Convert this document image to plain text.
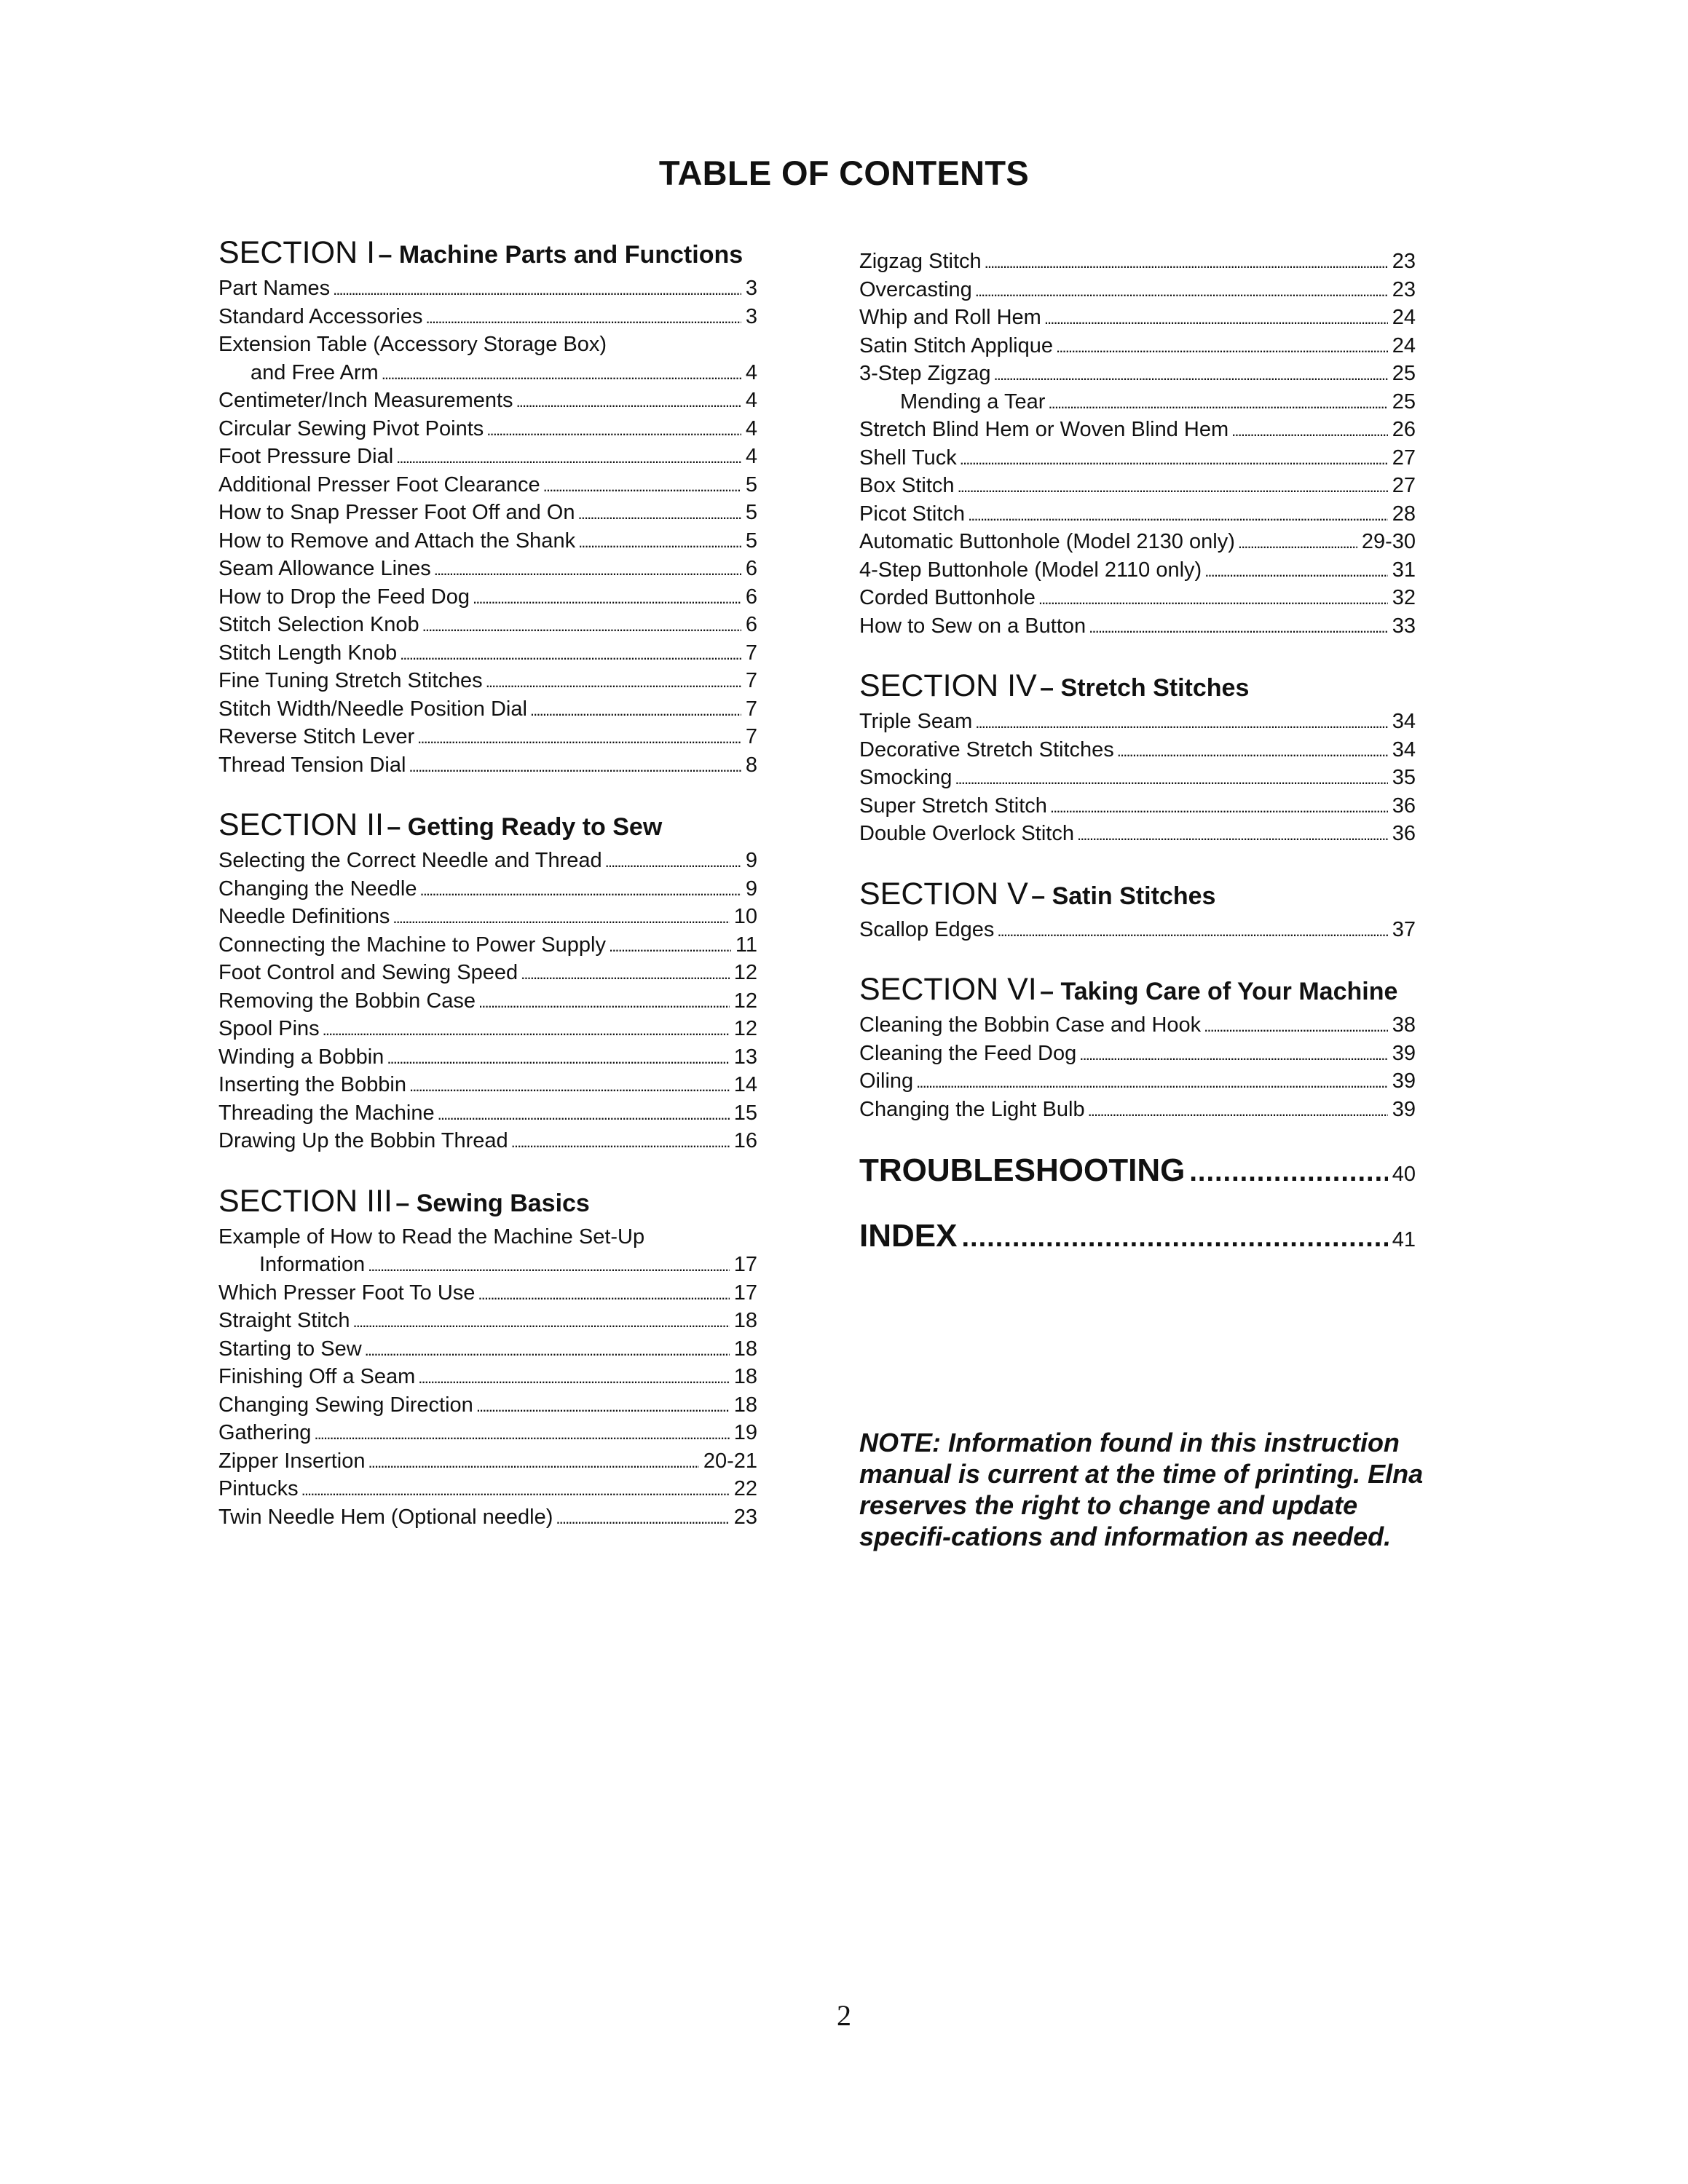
TABLE OF CONTENTS
SECTION I – Machine Parts and Functions
Part Names . . .	3
Standard Accessories . . .	3
Extension Table (Accessory Storage Box)
and Free Arm . . .	4
Centimeter/Inch Measurements . . .	4
Circular Sewing Pivot Points . . .	4
Foot Pressure Dial . . .	4
Additional Presser Foot Clearance . . .	5
How to Snap Presser Foot Off and On . . .	5
How to Remove and Attach the Shank . . .	5
Seam Allowance Lines . . .	6
How to Drop the Feed Dog . . .	6
Stitch Selection Knob . . .	6
Stitch Length Knob . . .	7
Fine Tuning Stretch Stitches . . .	7
Stitch Width/Needle Position Dial . . .	7
Reverse Stitch Lever . . .	7
Thread Tension Dial . . .	8
SECTION II – Getting Ready to Sew
Selecting the Correct Needle and Thread . . .	9
Changing the Needle . . .	9
Needle Definitions . . .	10
Connecting the Machine to Power Supply . . .	11
Foot Control and Sewing Speed . . .	12
Removing the Bobbin Case . . .	12
Spool Pins . . .	12
Winding a Bobbin . . .	13
Inserting the Bobbin . . .	14
Threading the Machine . . .	15
Drawing Up the Bobbin Thread . . .	16
SECTION III – Sewing Basics
Example of How to Read the Machine Set-Up
Information . . .	17
Which Presser Foot To Use . . .	17
Straight Stitch . . .	18
Starting to Sew . . .	18
Finishing Off a Seam . . .	18
Changing Sewing Direction . . .	18
Gathering . . .	19
Zipper Insertion . . .	20-21
Pintucks . . .	22
Twin Needle Hem (Optional needle) . . .	23
Zigzag Stitch . . .	23
Overcasting . . .	23
Whip and Roll Hem . . .	24
Satin Stitch Applique . . .	24
3-Step Zigzag . . .	25
Mending a Tear . . .	25
Stretch Blind Hem or Woven Blind Hem . . .	26
Shell Tuck . . .	27
Box Stitch . . .	27
Picot Stitch . . .	28
Automatic Buttonhole (Model 2130 only) . . .	29-30
4-Step Buttonhole (Model 2110 only) . . .	31
Corded Buttonhole . . .	32
How to Sew on a Button . . .	33
SECTION IV – Stretch Stitches
Triple Seam . . .	34
Decorative Stretch Stitches . . .	34
Smocking . . .	35
Super Stretch Stitch . . .	36
Double Overlock Stitch . . .	36
SECTION V – Satin Stitches
Scallop Edges . . .	37
SECTION VI – Taking Care of Your Machine
Cleaning the Bobbin Case and Hook . . .	38
Cleaning the Feed Dog . . .	39
Oiling . . .	39
Changing the Light Bulb . . .	39
TROUBLESHOOTING .....	40
INDEX .....	41
NOTE: Information found in this instruction manual is current at the time of printing. Elna reserves the right to change and update specifi-cations and information as needed.
2
